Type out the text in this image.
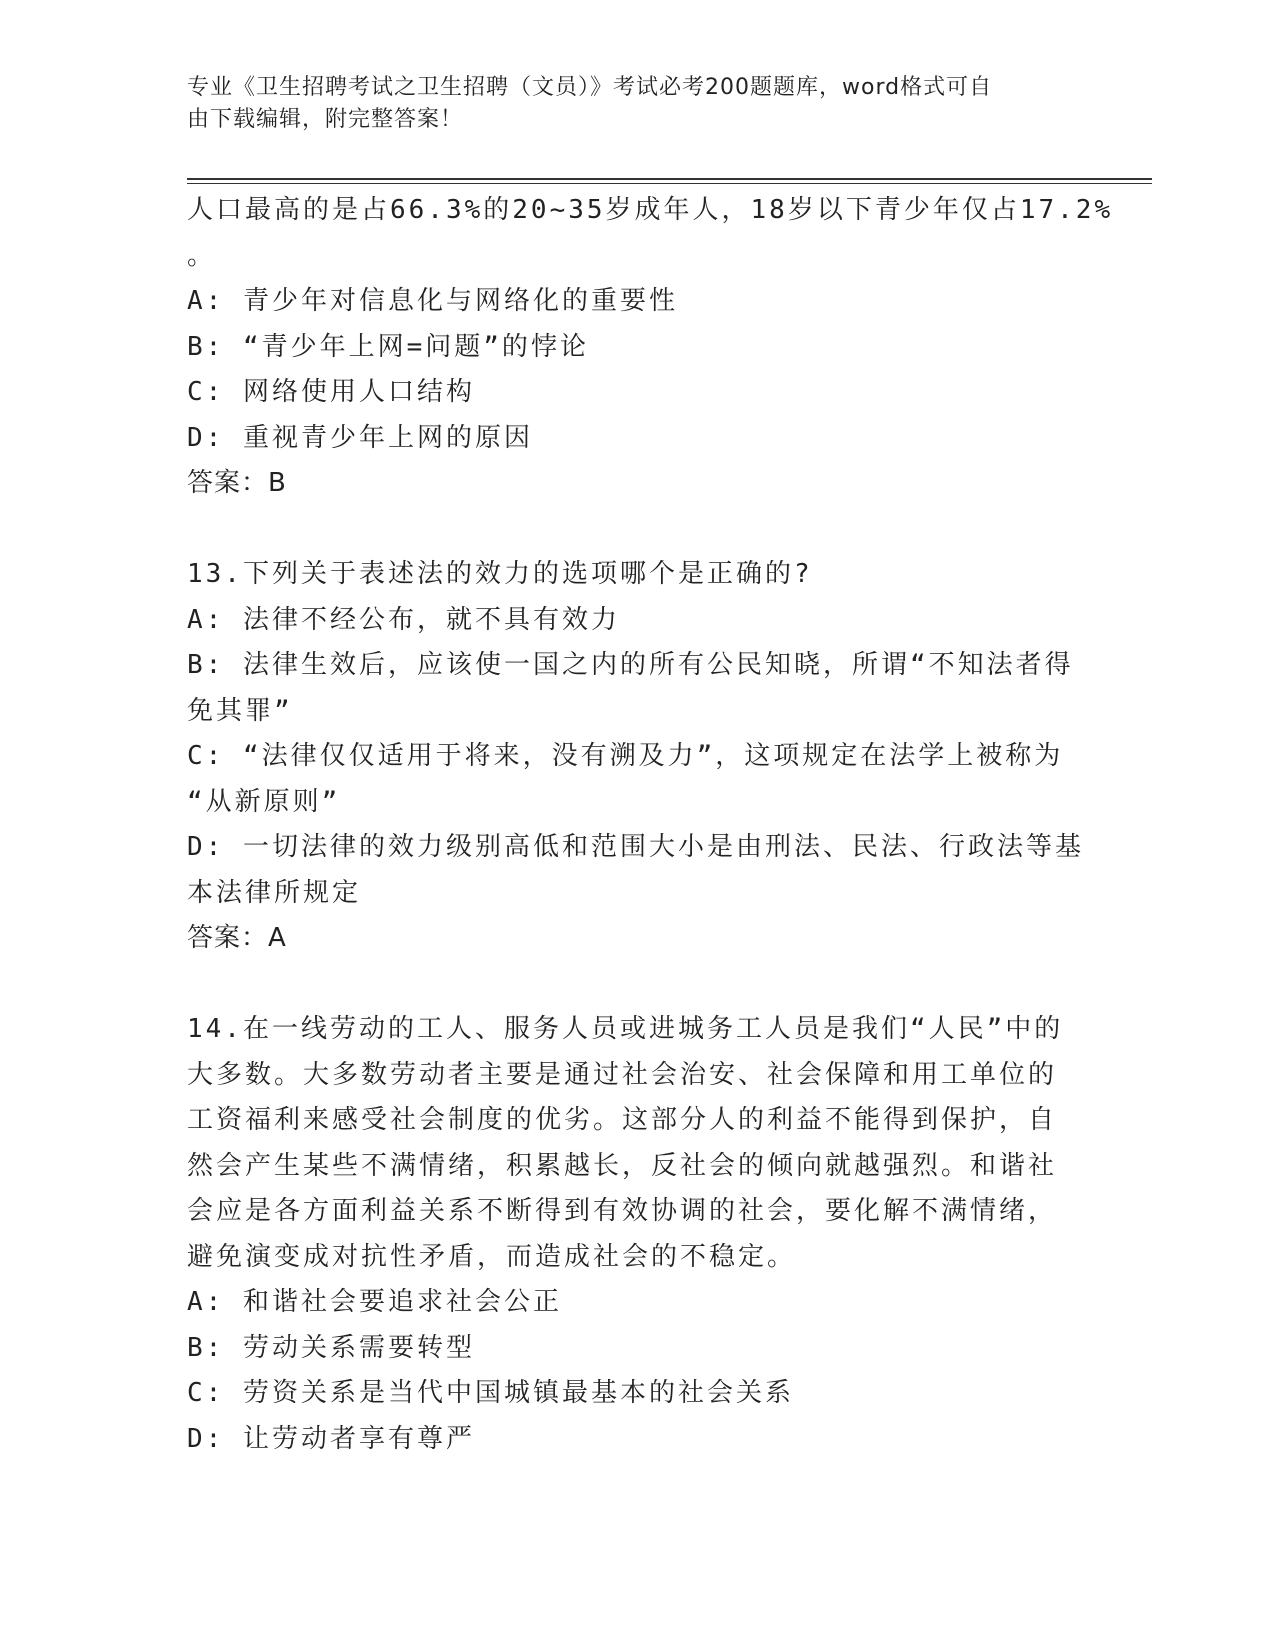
专业《卫生招聘考试之卫生招聘（文员）》考试必考200题题库，word格式可自
由下载编辑，附完整答案！
人口最高的是占66.3%的20~35岁成年人，18岁以下青少年仅占17.2%
。
A: 青少年对信息化与网络化的重要性
B: “青少年上网=问题”的悖论
C: 网络使用人口结构
D: 重视青少年上网的原因
答案：B
13.下列关于表述法的效力的选项哪个是正确的?
A: 法律不经公布，就不具有效力
B: 法律生效后，应该使一国之内的所有公民知晓，所谓“不知法者得
免其罪”
C: “法律仅仅适用于将来，没有溯及力”，这项规定在法学上被称为
“从新原则”
D: 一切法律的效力级别高低和范围大小是由刑法、民法、行政法等基
本法律所规定
答案：A
14.在一线劳动的工人、服务人员或进城务工人员是我们“人民”中的
大多数。大多数劳动者主要是通过社会治安、社会保障和用工单位的
工资福利来感受社会制度的优劣。这部分人的利益不能得到保护，自
然会产生某些不满情绪，积累越长，反社会的倾向就越强烈。和谐社
会应是各方面利益关系不断得到有效协调的社会，要化解不满情绪，
避免演变成对抗性矛盾，而造成社会的不稳定。
A: 和谐社会要追求社会公正
B: 劳动关系需要转型
C: 劳资关系是当代中国城镇最基本的社会关系
D: 让劳动者享有尊严
